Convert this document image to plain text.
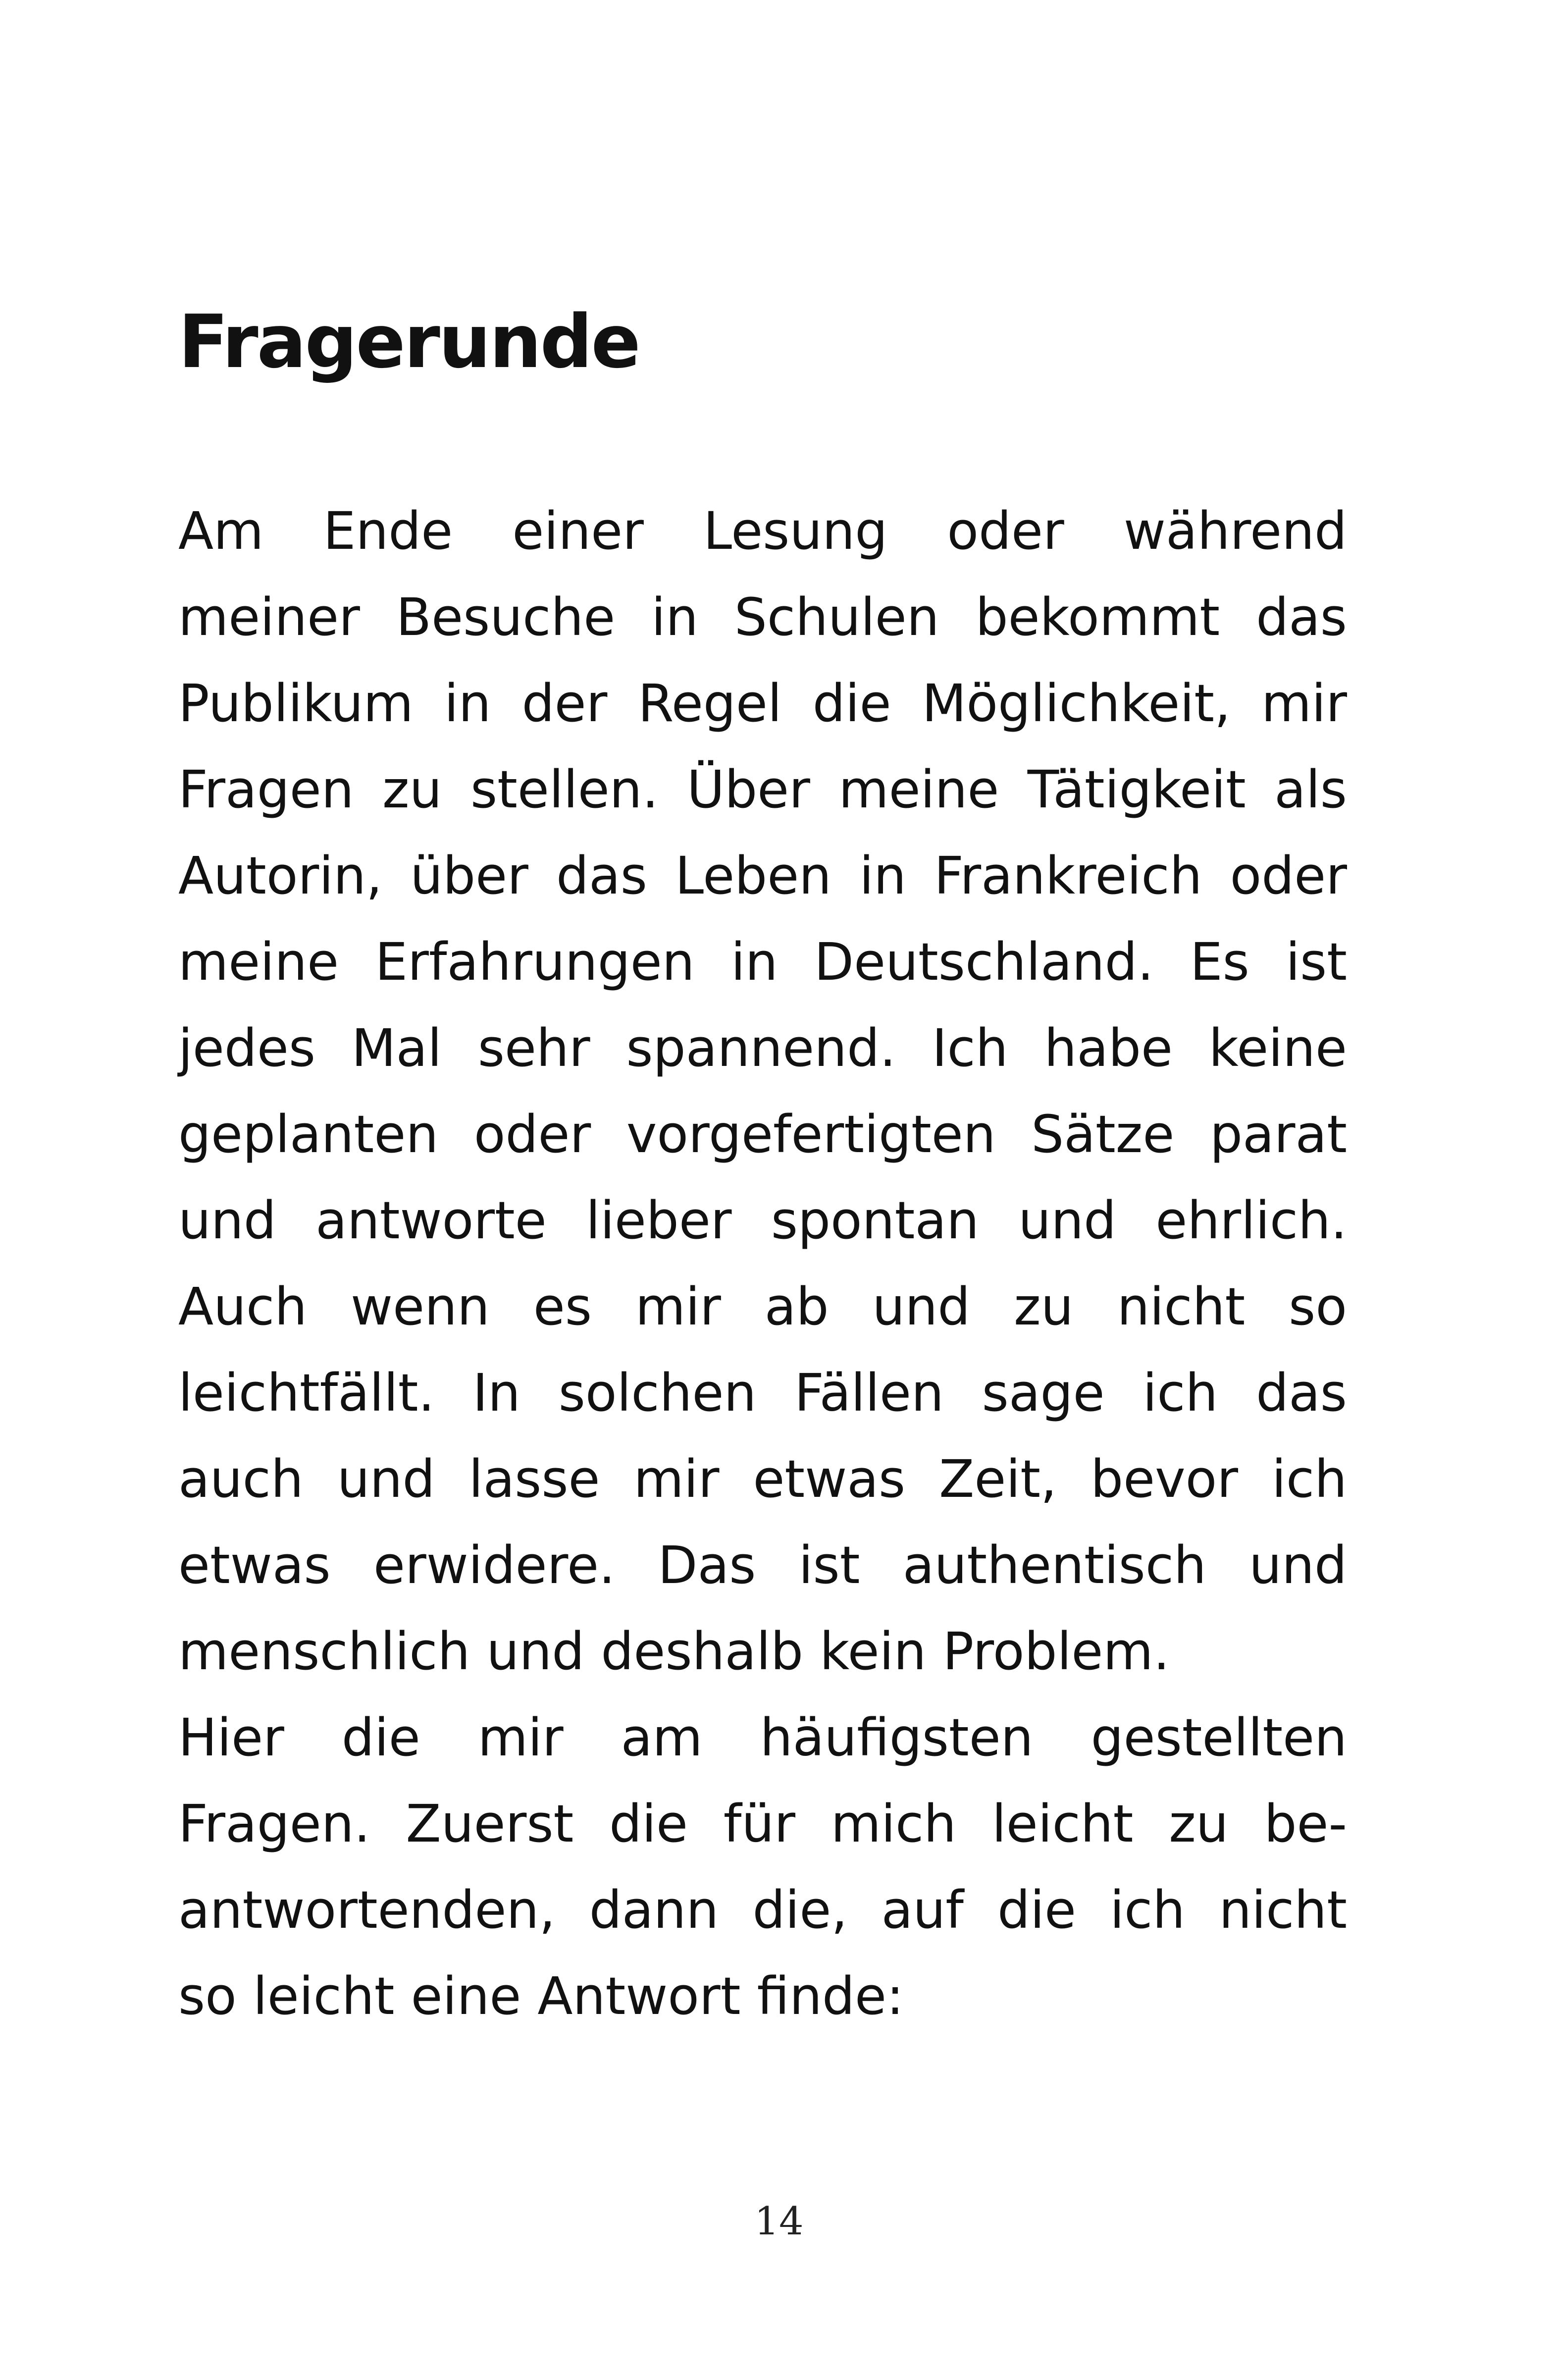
Fragerunde
Am Ende einer Lesung oder während
meiner Besuche in Schulen bekommt das
Publikum in der Regel die Möglichkeit, mir
Fragen zu stellen. Über meine Tätigkeit als
Autorin, über das Leben in Frankreich oder
meine Erfahrungen in Deutschland. Es ist
jedes Mal sehr spannend. Ich habe keine
geplanten oder vorgefertigten Sätze parat
und antworte lieber spontan und ehrlich.
Auch wenn es mir ab und zu nicht so
leichtfällt. In solchen Fällen sage ich das
auch und lasse mir etwas Zeit, bevor ich
etwas erwidere. Das ist authentisch und
menschlich und deshalb kein Problem.
Hier die mir am häufigsten gestellten
Fragen. Zuerst die für mich leicht zu be-
antwortenden, dann die, auf die ich nicht
so leicht eine Antwort finde:
14
